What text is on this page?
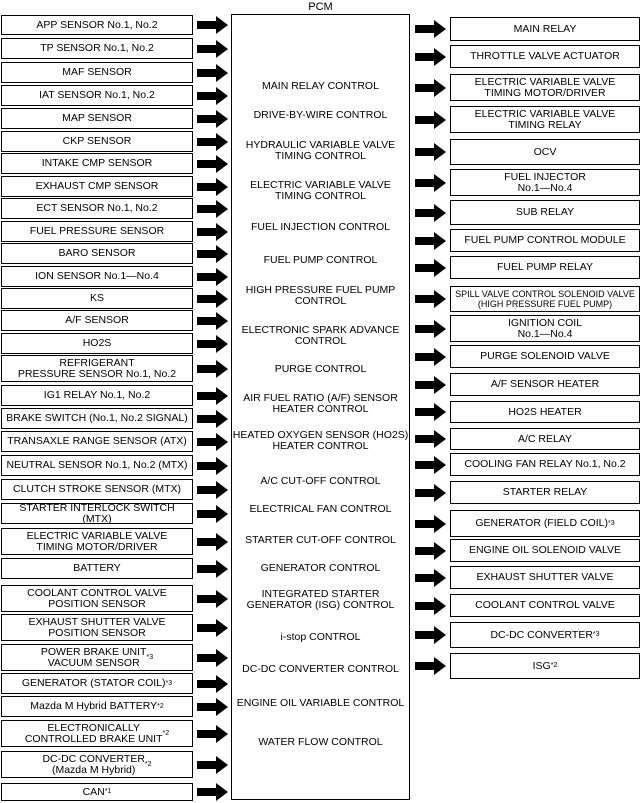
PCM
APP SENSOR No.1, No.2
TP SENSOR No.1, No.2
MAF SENSOR
IAT SENSOR No.1, No.2
MAP SENSOR
CKP SENSOR
INTAKE CMP SENSOR
EXHAUST CMP SENSOR
ECT SENSOR No.1, No.2
FUEL PRESSURE SENSOR
BARO SENSOR
ION SENSOR No.1—No.4
KS
A/F SENSOR
HO2S
REFRIGERANT
PRESSURE SENSOR No.1, No.2
IG1 RELAY No.1, No.2
BRAKE SWITCH (No.1, No.2 SIGNAL)
TRANSAXLE RANGE SENSOR (ATX)
NEUTRAL SENSOR No.1, No.2 (MTX)
CLUTCH STROKE SENSOR (MTX)
STARTER INTERLOCK SWITCH (MTX)
ELECTRIC VARIABLE VALVE
TIMING MOTOR/DRIVER
BATTERY
COOLANT CONTROL VALVE
POSITION SENSOR
EXHAUST SHUTTER VALVE
POSITION SENSOR
POWER BRAKE UNIT
VACUUM SENSOR *3
GENERATOR (STATOR COIL) *3
Mazda M Hybrid BATTERY *2
ELECTRONICALLY
CONTROLLED BRAKE UNIT *2
DC-DC CONVERTER
(Mazda M Hybrid) *2
CAN *1
MAIN RELAY CONTROL
DRIVE-BY-WIRE CONTROL
HYDRAULIC VARIABLE VALVE
TIMING CONTROL
ELECTRIC VARIABLE VALVE
TIMING CONTROL
FUEL INJECTION CONTROL
FUEL PUMP CONTROL
HIGH PRESSURE FUEL PUMP
CONTROL
ELECTRONIC SPARK ADVANCE
CONTROL
PURGE CONTROL
AIR FUEL RATIO (A/F) SENSOR
HEATER CONTROL
HEATED OXYGEN SENSOR (HO2S)
HEATER CONTROL
A/C CUT-OFF CONTROL
ELECTRICAL FAN CONTROL
STARTER CUT-OFF CONTROL
GENERATOR CONTROL
INTEGRATED STARTER
GENERATOR (ISG) CONTROL
i-stop CONTROL
DC-DC CONVERTER CONTROL
ENGINE OIL VARIABLE CONTROL
WATER FLOW CONTROL
MAIN RELAY
THROTTLE VALVE ACTUATOR
ELECTRIC VARIABLE VALVE
TIMING MOTOR/DRIVER
ELECTRIC VARIABLE VALVE
TIMING RELAY
OCV
FUEL INJECTOR
No.1—No.4
SUB RELAY
FUEL PUMP CONTROL MODULE
FUEL PUMP RELAY
SPILL VALVE CONTROL SOLENOID VALVE
(HIGH PRESSURE FUEL PUMP)
IGNITION COIL
No.1—No.4
PURGE SOLENOID VALVE
A/F SENSOR HEATER
HO2S HEATER
A/C RELAY
COOLING FAN RELAY No.1, No.2
STARTER RELAY
GENERATOR (FIELD COIL) *3
ENGINE OIL SOLENOID VALVE
EXHAUST SHUTTER VALVE
COOLANT CONTROL VALVE
DC-DC CONVERTER *3
ISG *2
